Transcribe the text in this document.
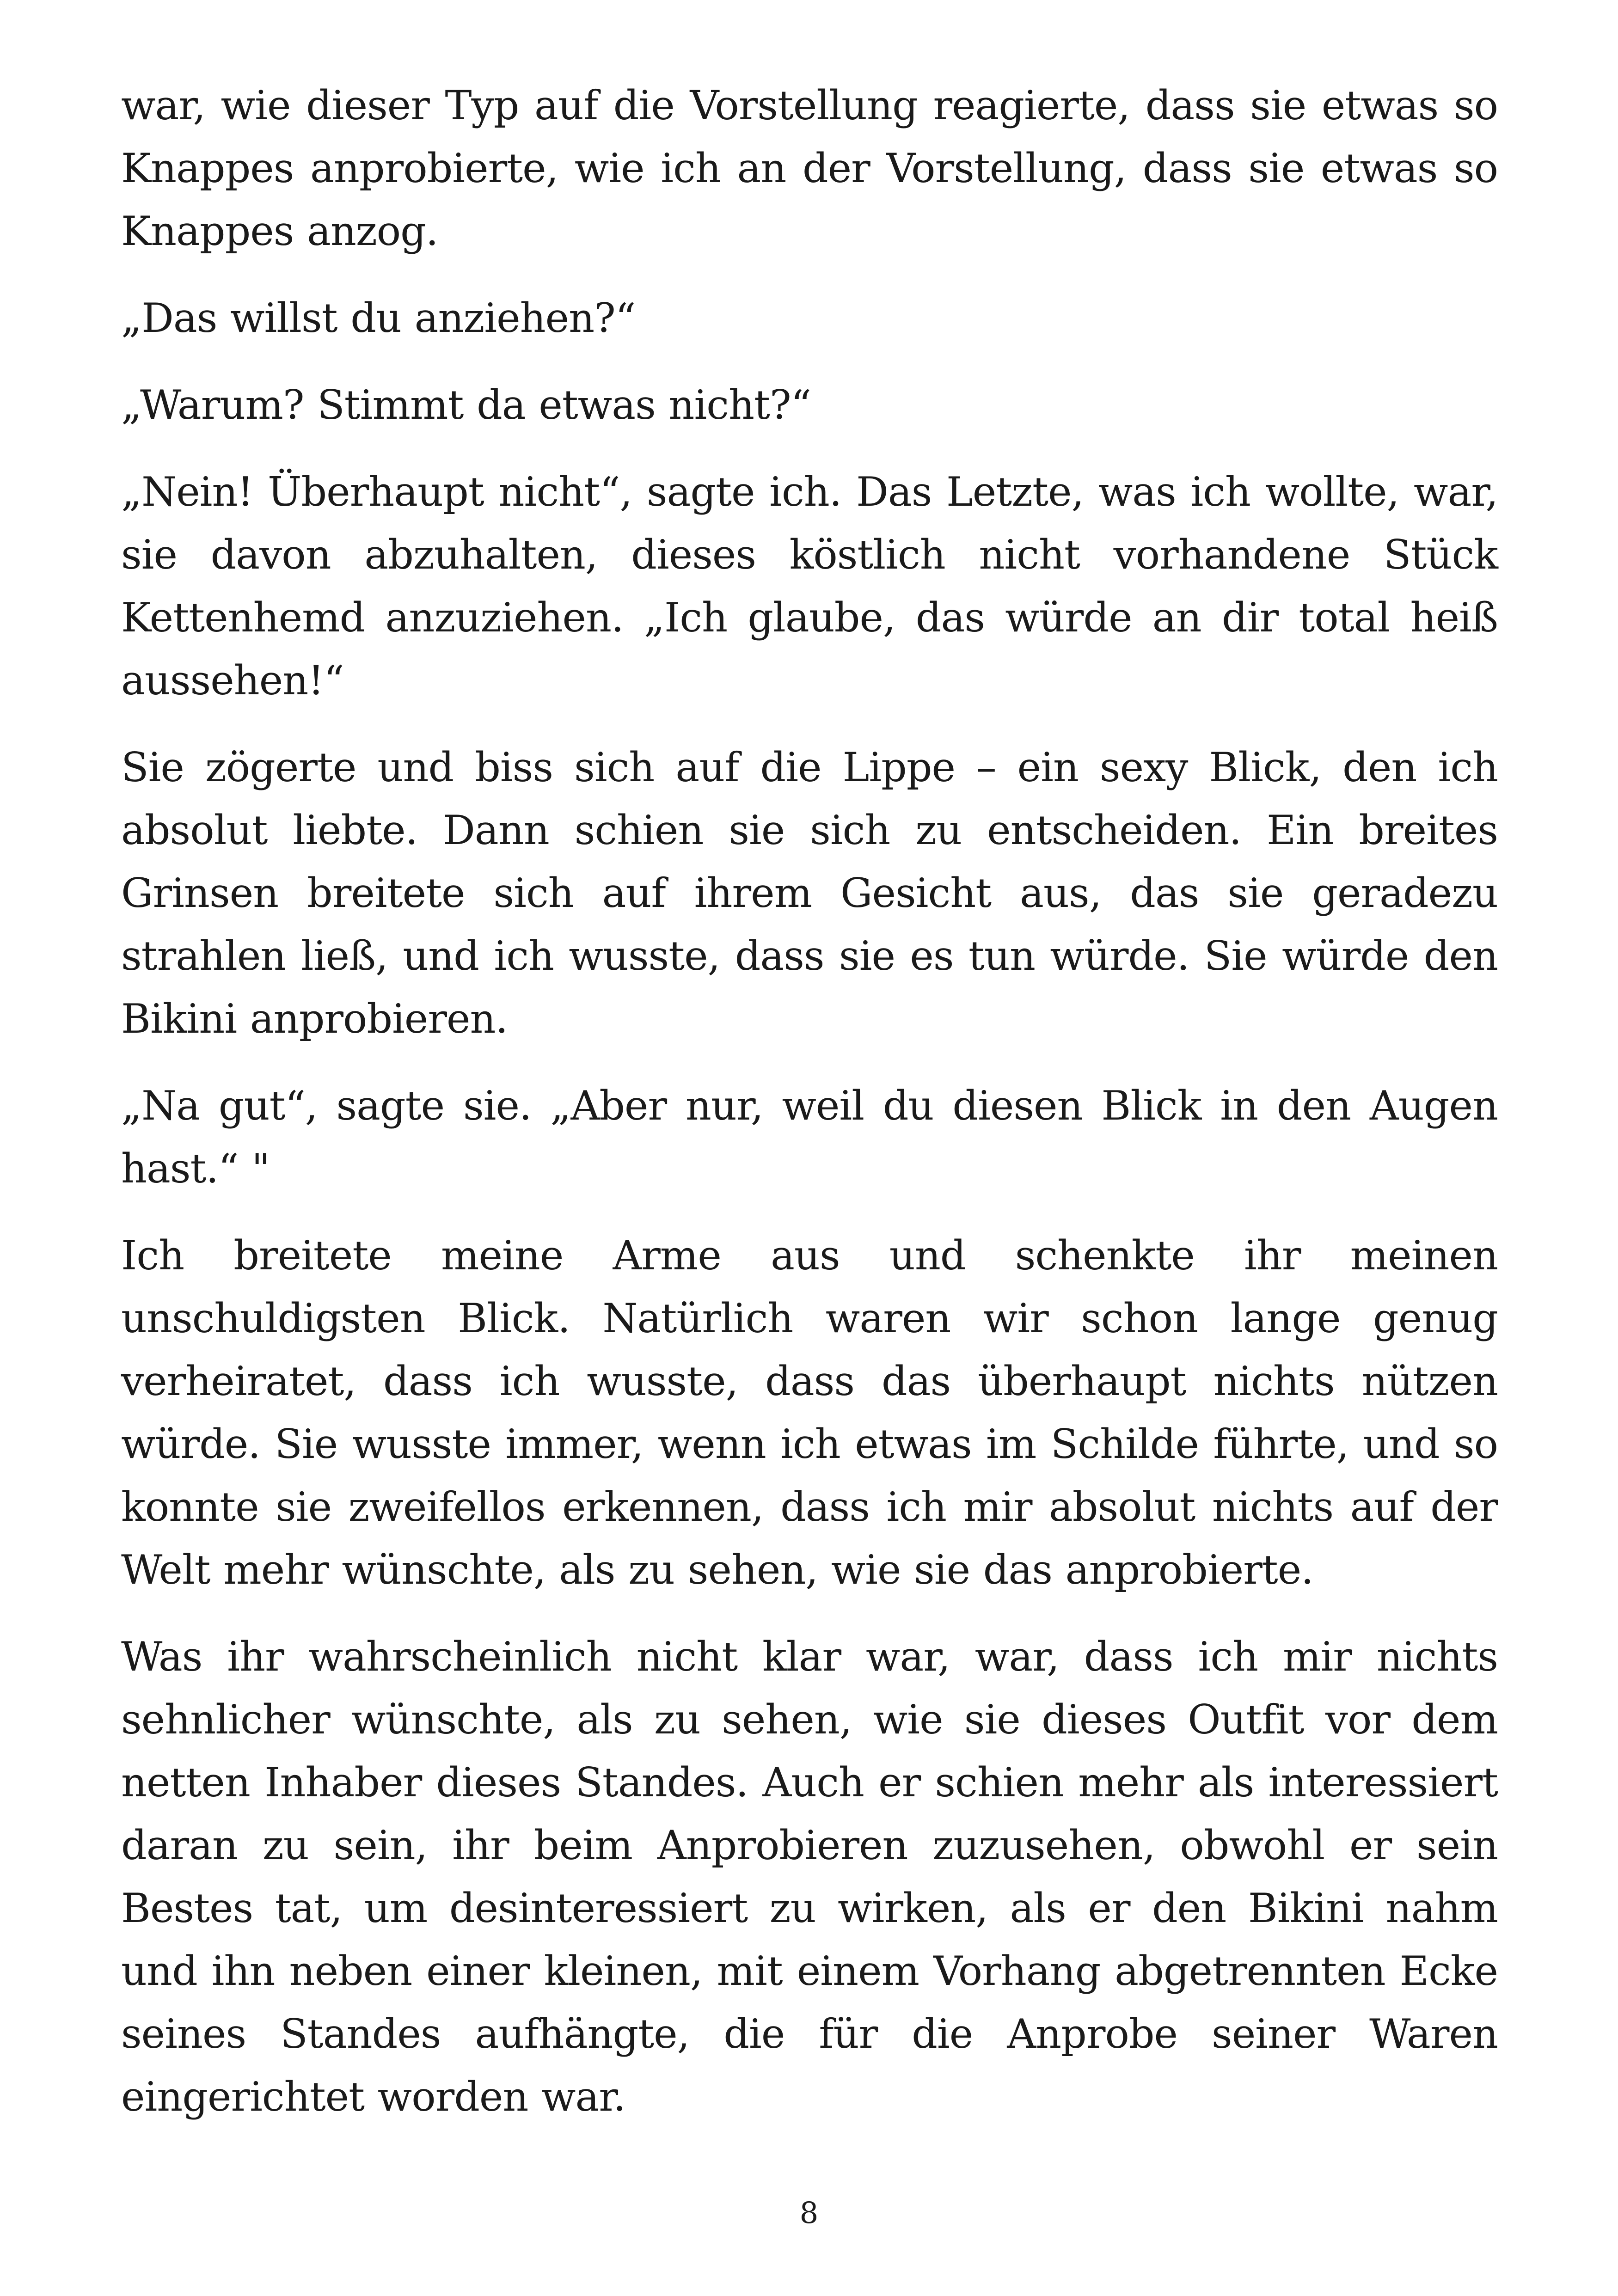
war, wie dieser Typ auf die Vorstellung reagierte, dass sie etwas so Knappes anprobierte, wie ich an der Vorstellung, dass sie etwas so Knappes anzog.

„Das willst du anziehen?“

„Warum? Stimmt da etwas nicht?“

„Nein! Überhaupt nicht“, sagte ich. Das Letzte, was ich wollte, war, sie davon abzuhalten, dieses köstlich nicht vorhandene Stück Kettenhemd anzuziehen. „Ich glaube, das würde an dir total heiß aussehen!“

Sie zögerte und biss sich auf die Lippe – ein sexy Blick, den ich absolut liebte. Dann schien sie sich zu entscheiden. Ein breites Grinsen breitete sich auf ihrem Gesicht aus, das sie geradezu strahlen ließ, und ich wusste, dass sie es tun würde. Sie würde den Bikini anprobieren.

„Na gut“, sagte sie. „Aber nur, weil du diesen Blick in den Augen hast.“ "

Ich breitete meine Arme aus und schenkte ihr meinen unschuldigsten Blick. Natürlich waren wir schon lange genug verheiratet, dass ich wusste, dass das überhaupt nichts nützen würde. Sie wusste immer, wenn ich etwas im Schilde führte, und so konnte sie zweifellos erkennen, dass ich mir absolut nichts auf der Welt mehr wünschte, als zu sehen, wie sie das anprobierte.

Was ihr wahrscheinlich nicht klar war, war, dass ich mir nichts sehnlicher wünschte, als zu sehen, wie sie dieses Outfit vor dem netten Inhaber dieses Standes. Auch er schien mehr als interessiert daran zu sein, ihr beim Anprobieren zuzusehen, obwohl er sein Bestes tat, um desinteressiert zu wirken, als er den Bikini nahm und ihn neben einer kleinen, mit einem Vorhang abgetrennten Ecke seines Standes aufhängte, die für die Anprobe seiner Waren eingerichtet worden war.

8
